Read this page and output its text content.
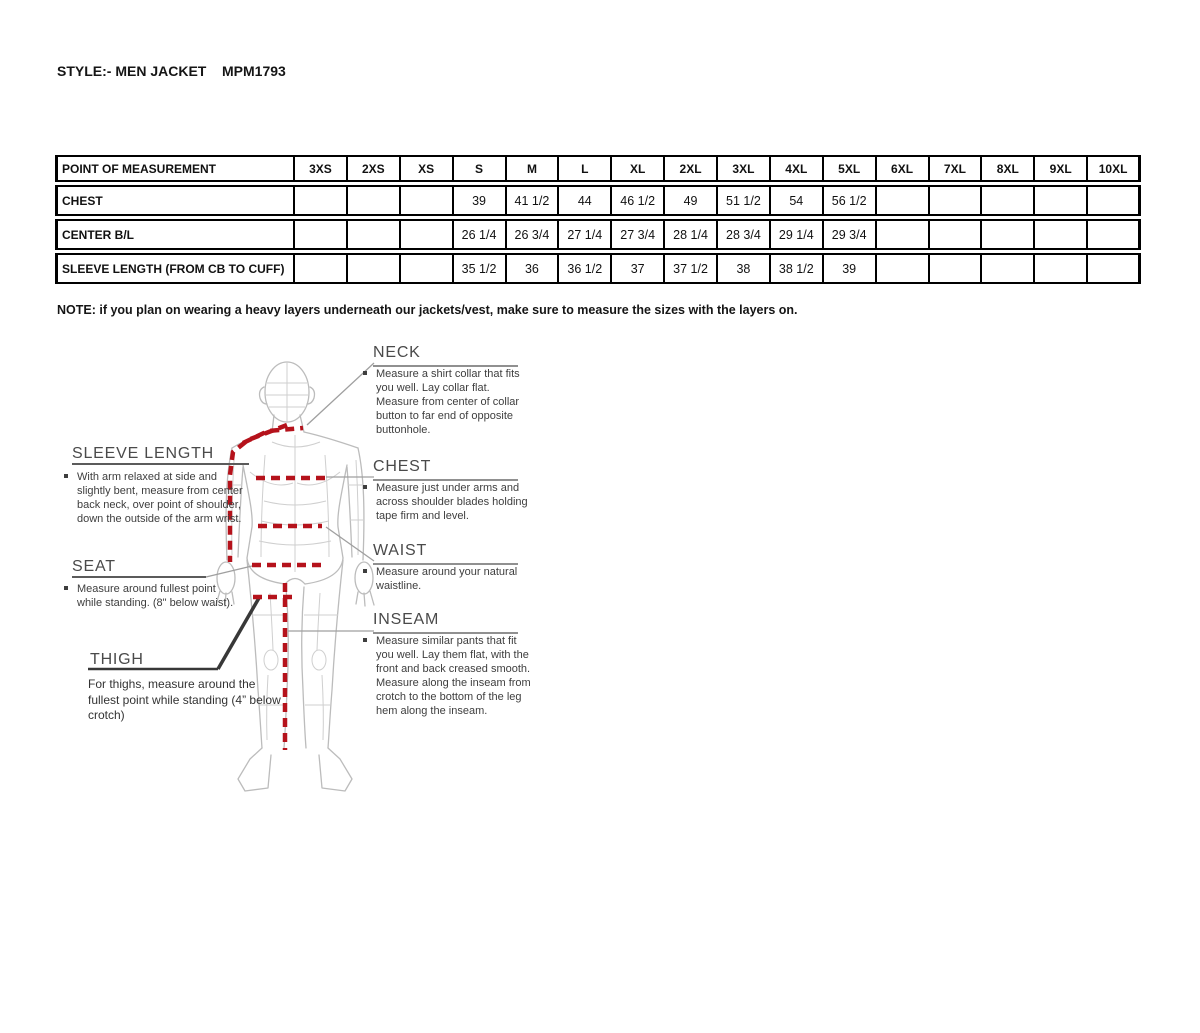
STYLE:- MEN JACKET MPM1793
POINT OF MEASUREMENT	3XS	2XS	XS	S	M	L	XL	2XL	3XL	4XL	5XL	6XL	7XL	8XL	9XL	10XL
CHEST				39	41 1/2	44	46 1/2	49	51 1/2	54	56 1/2					
CENTER B/L				26 1/4	26 3/4	27 1/4	27 3/4	28 1/4	28 3/4	29 1/4	29 3/4					
SLEEVE LENGTH (FROM CB TO CUFF)				35 1/2	36	36 1/2	37	37 1/2	38	38 1/2	39					
NOTE: if you plan on wearing a heavy layers underneath our jackets/vest, make sure to measure the sizes with the layers on.
NECK
Measure a shirt collar that fits you well. Lay collar flat. Measure from center of collar button to far end of opposite buttonhole.
CHEST
Measure just under arms and across shoulder blades holding tape firm and level.
WAIST
Measure around your natural waistline.
INSEAM
Measure similar pants that fit you well. Lay them flat, with the front and back creased smooth. Measure along the inseam from crotch to the bottom of the leg hem along the inseam.
SLEEVE LENGTH
With arm relaxed at side and slightly bent, measure from center back neck, over point of shoulder, down the outside of the arm wrist.
SEAT
Measure around fullest point while standing. (8" below waist).
THIGH
For thighs, measure around the fullest point while standing (4” below crotch)
